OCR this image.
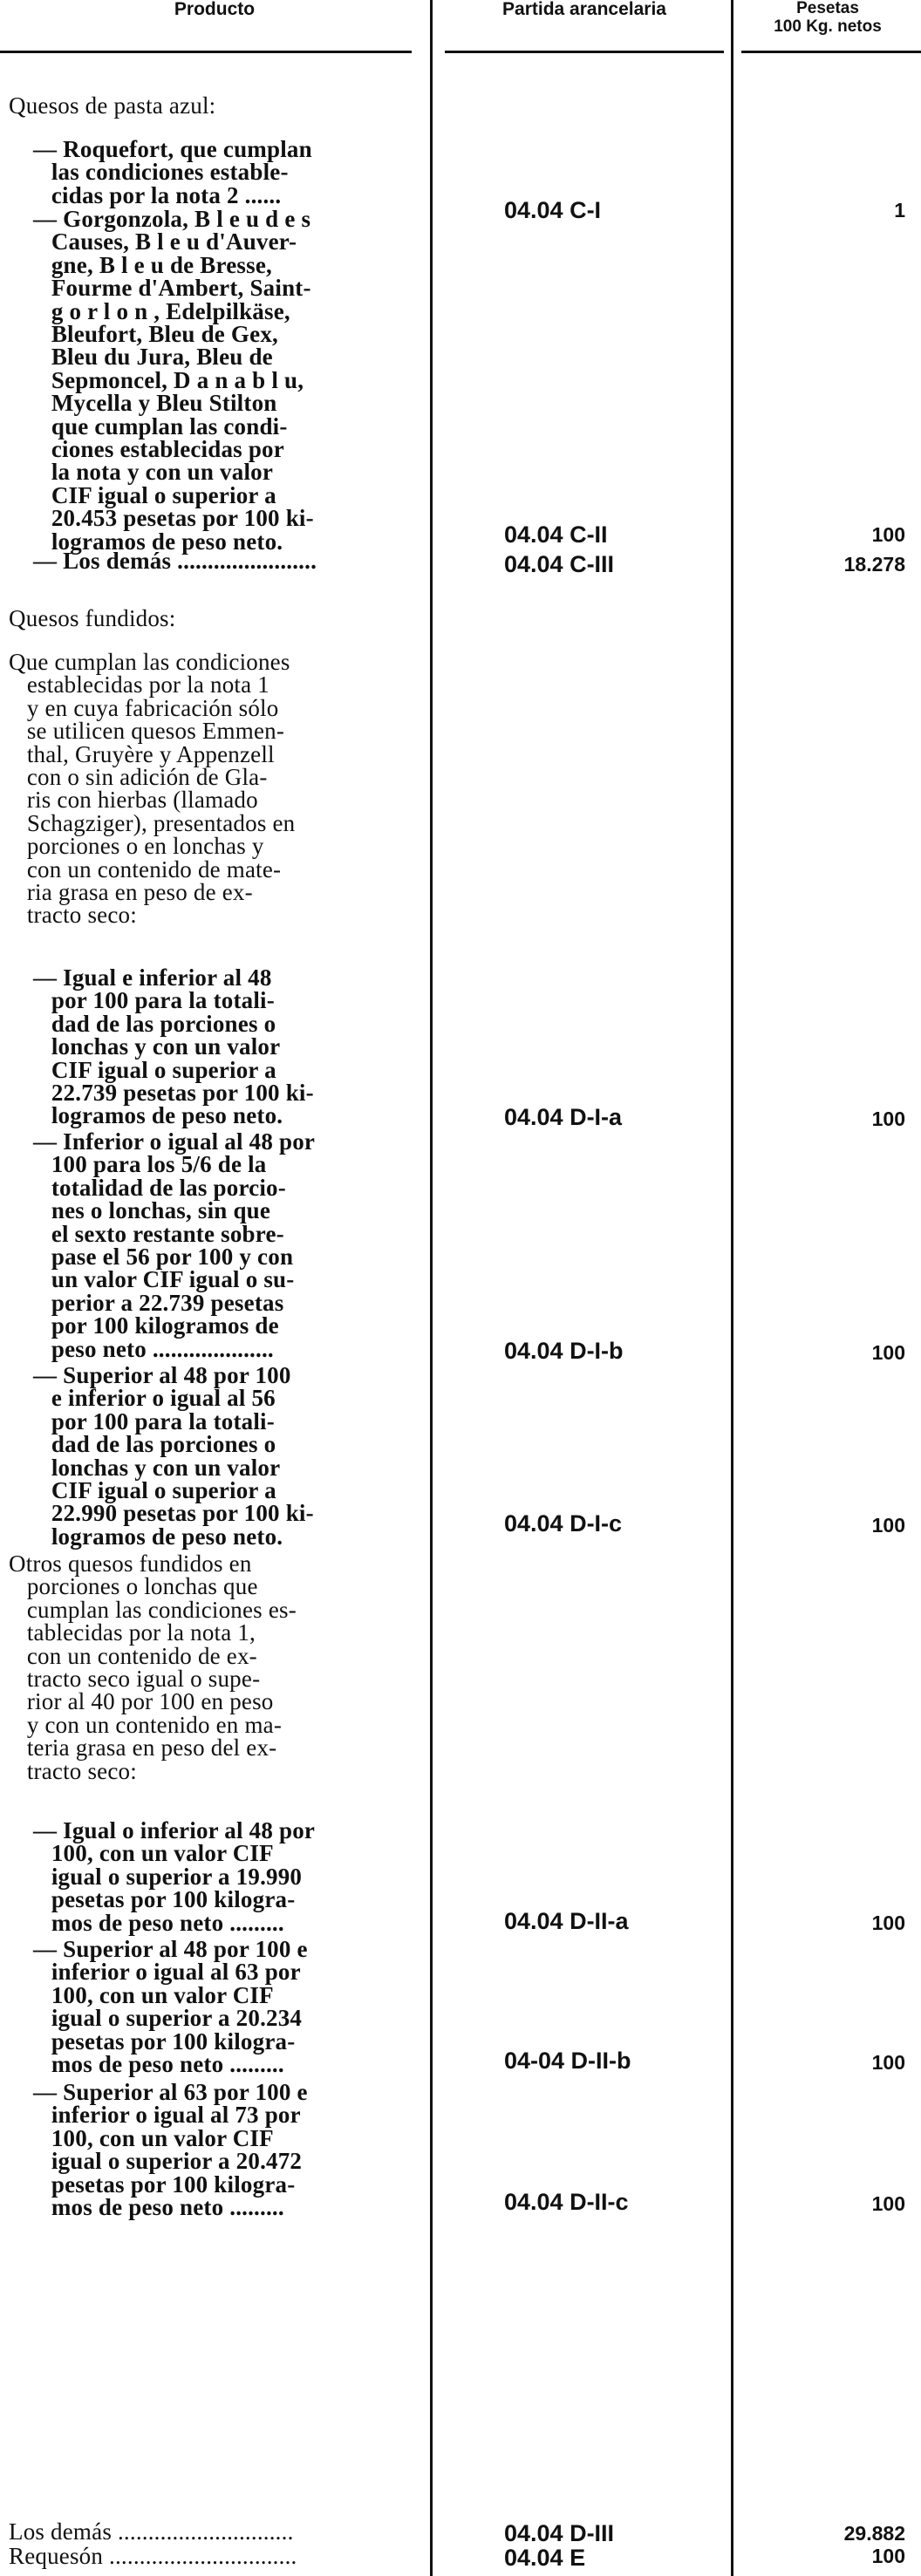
Producto	Partida arancelaria	Pesetas
100 Kg. netos
Quesos de pasta azul:
— Roquefort, que cumplan
las condiciones estable-
cidas por la nota 2 ......
— Gorgonzola, B l e u d e s
Causes, B l e u d'Auver-
gne, B l e u de Bresse,
Fourme d'Ambert, Saint-
g o r l o n , Edelpilkäse,
Bleufort, Bleu de Gex,
Bleu du Jura, Bleu de
Sepmoncel, D a n a b l u,
Mycella y Bleu Stilton
que cumplan las condi-
ciones establecidas por
la nota y con un valor
CIF igual o superior a
20.453 pesetas por 100 ki-
logramos de peso neto.
— Los demás .......................
Quesos fundidos:
Que cumplan las condiciones
establecidas por la nota 1
y en cuya fabricación sólo
se utilicen quesos Emmen-
thal, Gruyère y Appenzell
con o sin adición de Gla-
ris con hierbas (llamado
Schagziger), presentados en
porciones o en lonchas y
con un contenido de mate-
ria grasa en peso de ex-
tracto seco:
— Igual e inferior al 48
por 100 para la totali-
dad de las porciones o
lonchas y con un valor
CIF igual o superior a
22.739 pesetas por 100 ki-
logramos de peso neto.
— Inferior o igual al 48 por
100 para los 5/6 de la
totalidad de las porcio-
nes o lonchas, sin que
el sexto restante sobre-
pase el 56 por 100 y con
un valor CIF igual o su-
perior a 22.739 pesetas
por 100 kilogramos de
peso neto ....................
— Superior al 48 por 100
e inferior o igual al 56
por 100 para la totali-
dad de las porciones o
lonchas y con un valor
CIF igual o superior a
22.990 pesetas por 100 ki-
logramos de peso neto.
Otros quesos fundidos en
porciones o lonchas que
cumplan las condiciones es-
tablecidas por la nota 1,
con un contenido de ex-
tracto seco igual o supe-
rior al 40 por 100 en peso
y con un contenido en ma-
teria grasa en peso del ex-
tracto seco:
— Igual o inferior al 48 por
100, con un valor CIF
igual o superior a 19.990
pesetas por 100 kilogra-
mos de peso neto .........
— Superior al 48 por 100 e
inferior o igual al 63 por
100, con un valor CIF
igual o superior a 20.234
pesetas por 100 kilogra-
mos de peso neto .........
— Superior al 63 por 100 e
inferior o igual al 73 por
100, con un valor CIF
igual o superior a 20.472
pesetas por 100 kilogra-
mos de peso neto .........
Los demás .............................
Requesón ...............................
04.04 C-I
04.04 C-II
04.04 C-III
04.04 D-I-a
04.04 D-I-b
04.04 D-I-c
04.04 D-II-a
04-04 D-II-b
04.04 D-II-c
04.04 D-III
04.04 E
1
100
18.278
100
100
100
100
100
100
29.882
100
